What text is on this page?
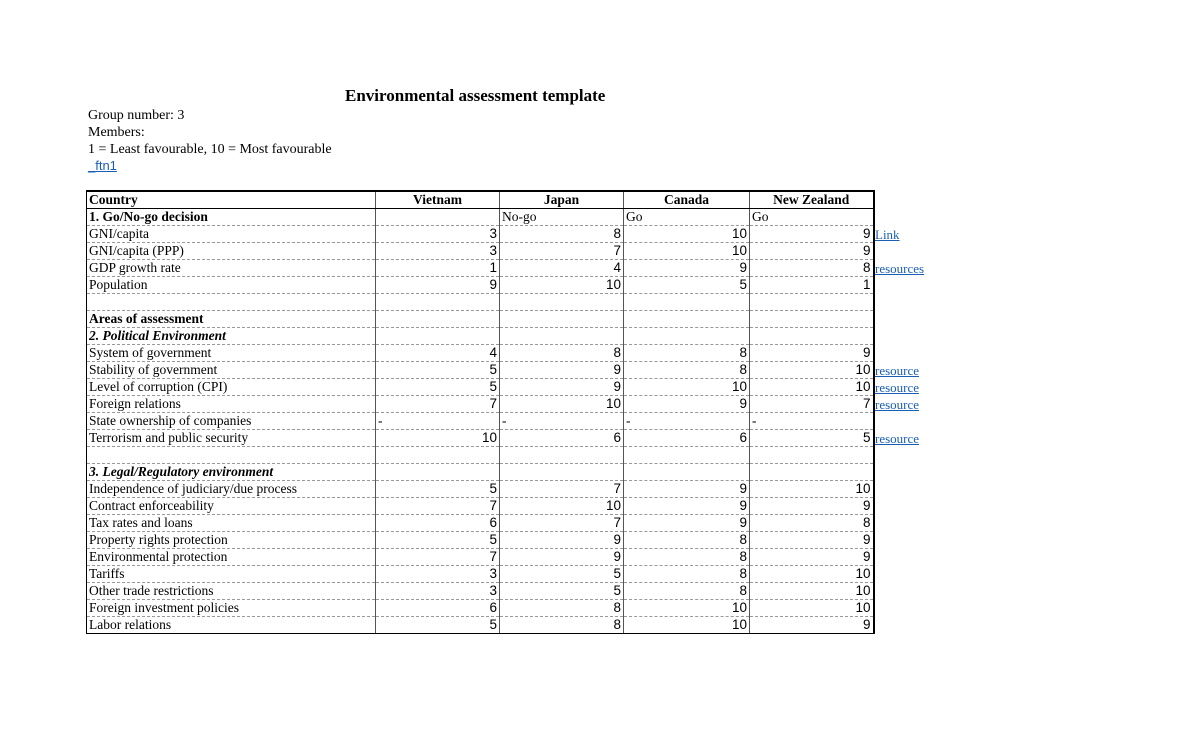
Environmental assessment template
Group number: 3
Members:
1 = Least favourable, 10 = Most favourable
_ftn1
Country	Vietnam	Japan	Canada	New Zealand
1. Go/No-go decision		No-go	Go	Go
GNI/capita	3	8	10	9
GNI/capita (PPP)	3	7	10	9
GDP growth rate	1	4	9	8
Population	9	10	5	1

Areas of assessment				
2. Political Environment				
System of government	4	8	8	9
Stability of government	5	9	8	10
Level of corruption (CPI)	5	9	10	10
Foreign relations	7	10	9	7
State ownership of companies	-	-	-	-
Terrorism and public security	10	6	6	5

3. Legal/Regulatory environment				
Independence of judiciary/due process	5	7	9	10
Contract enforceability	7	10	9	9
Tax rates and loans	6	7	9	8
Property rights protection	5	9	8	9
Environmental protection	7	9	8	9
Tariffs	3	5	8	10
Other trade restrictions	3	5	8	10
Foreign investment policies	6	8	10	10
Labor relations	5	8	10	9
Link
resources
resource
resource
resource
resource
